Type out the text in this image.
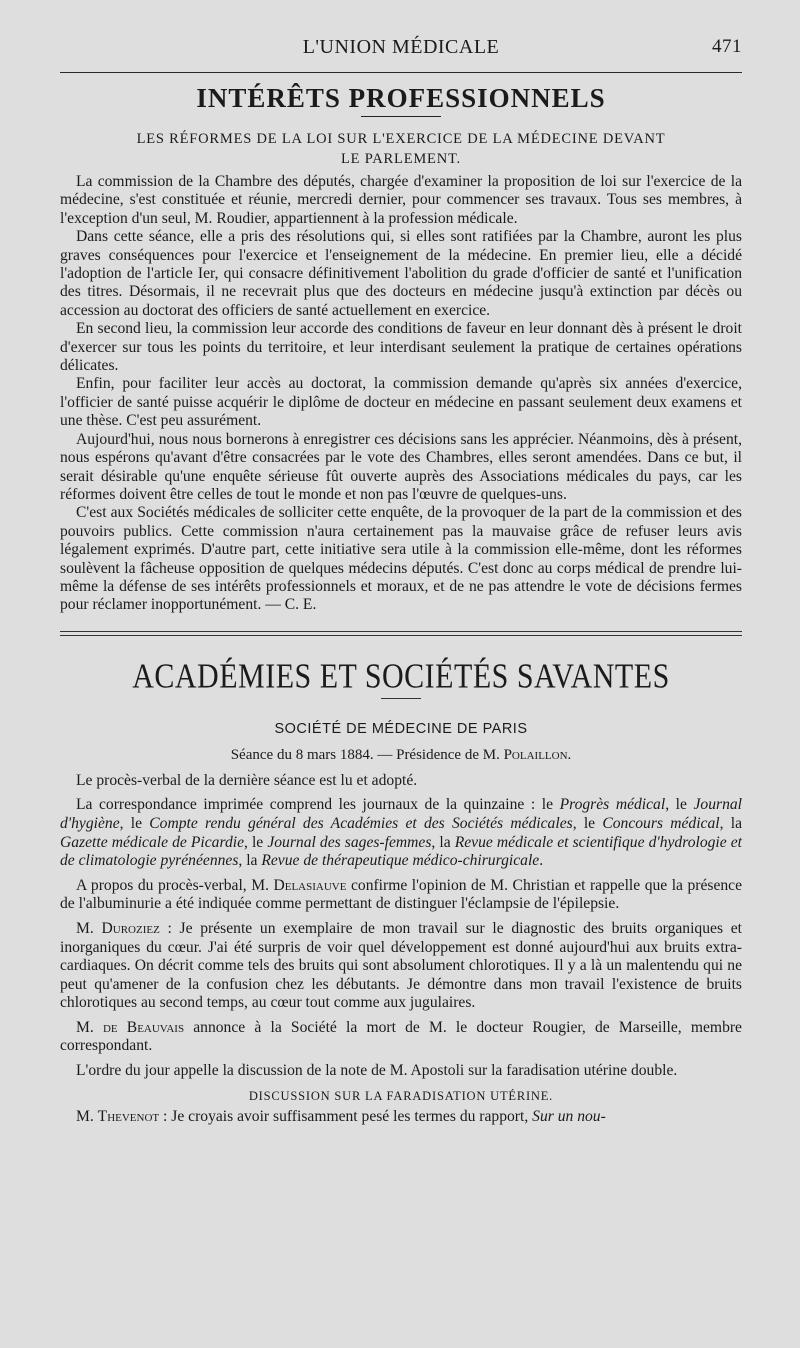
L'UNION MÉDICALE	471
INTÉRÊTS PROFESSIONNELS
LES RÉFORMES DE LA LOI SUR L'EXERCICE DE LA MÉDECINE DEVANT
LE PARLEMENT.

La commission de la Chambre des députés, chargée d'examiner la proposition de loi sur l'exercice de la médecine, s'est constituée et réunie, mercredi dernier, pour commencer ses travaux. Tous ses membres, à l'exception d'un seul, M. Roudier, appartiennent à la profession médicale.

Dans cette séance, elle a pris des résolutions qui, si elles sont ratifiées par la Chambre, auront les plus graves conséquences pour l'exercice et l'enseignement de la médecine. En premier lieu, elle a décidé l'adoption de l'article Ier, qui consacre définitivement l'abolition du grade d'officier de santé et l'unification des titres. Désormais, il ne recevrait plus que des docteurs en médecine jusqu'à extinction par décès ou accession au doctorat des officiers de santé actuellement en exercice.

En second lieu, la commission leur accorde des conditions de faveur en leur donnant dès à présent le droit d'exercer sur tous les points du territoire, et leur interdisant seulement la pratique de certaines opérations délicates.

Enfin, pour faciliter leur accès au doctorat, la commission demande qu'après six années d'exercice, l'officier de santé puisse acquérir le diplôme de docteur en médecine en passant seulement deux examens et une thèse. C'est peu assurément.

Aujourd'hui, nous nous bornerons à enregistrer ces décisions sans les apprécier. Néanmoins, dès à présent, nous espérons qu'avant d'être consacrées par le vote des Chambres, elles seront amendées. Dans ce but, il serait désirable qu'une enquête sérieuse fût ouverte auprès des Associations médicales du pays, car les réformes doivent être celles de tout le monde et non pas l'œuvre de quelques-uns.

C'est aux Sociétés médicales de solliciter cette enquête, de la provoquer de la part de la commission et des pouvoirs publics. Cette commission n'aura certainement pas la mauvaise grâce de refuser leurs avis légalement exprimés. D'autre part, cette initiative sera utile à la commission elle-même, dont les réformes soulèvent la fâcheuse opposition de quelques médecins députés. C'est donc au corps médical de prendre lui-même la défense de ses intérêts professionnels et moraux, et de ne pas attendre le vote de décisions fermes pour réclamer inopportunément. — C. E.

ACADÉMIES ET SOCIÉTÉS SAVANTES
SOCIÉTÉ DE MÉDECINE DE PARIS
Séance du 8 mars 1884. — Présidence de M. Polaillon.

Le procès-verbal de la dernière séance est lu et adopté.

La correspondance imprimée comprend les journaux de la quinzaine : le Progrès médical, le Journal d'hygiène, le Compte rendu général des Académies et des Sociétés médicales, le Concours médical, la Gazette médicale de Picardie, le Journal des sages-femmes, la Revue médicale et scientifique d'hydrologie et de climatologie pyrénéennes, la Revue de thérapeutique médico-chirurgicale.

A propos du procès-verbal, M. Delasiauve confirme l'opinion de M. Christian et rappelle que la présence de l'albuminurie a été indiquée comme permettant de distinguer l'éclampsie de l'épilepsie.

M. Duroziez : Je présente un exemplaire de mon travail sur le diagnostic des bruits organiques et inorganiques du cœur. J'ai été surpris de voir quel développement est donné aujourd'hui aux bruits extra-cardiaques. On décrit comme tels des bruits qui sont absolument chlorotiques. Il y a là un malentendu qui ne peut qu'amener de la confusion chez les débutants. Je démontre dans mon travail l'existence de bruits chlorotiques au second temps, au cœur tout comme aux jugulaires.

M. de Beauvais annonce à la Société la mort de M. le docteur Rougier, de Marseille, membre correspondant.

L'ordre du jour appelle la discussion de la note de M. Apostoli sur la faradisation utérine double.

DISCUSSION SUR LA FARADISATION UTÉRINE.

M. Thevenot : Je croyais avoir suffisamment pesé les termes du rapport, Sur un nou-
